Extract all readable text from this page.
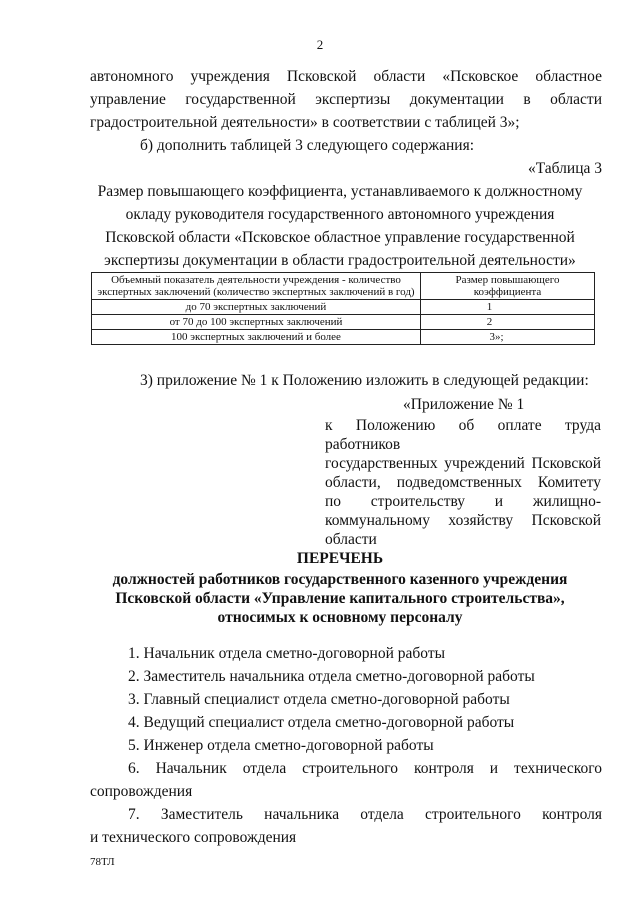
2
автономного учреждения Псковской области «Псковское областное
управление государственной экспертизы документации в области
градостроительной деятельности» в соответствии с таблицей 3»;
б) дополнить таблицей 3 следующего содержания:
«Таблица 3
Размер повышающего коэффициента, устанавливаемого к должностному
окладу руководителя государственного автономного учреждения
Псковской области «Псковское областное управление государственной
экспертизы документации в области градостроительной деятельности»
Объемный показатель деятельности учреждения - количество экспертных заключений (количество экспертных заключений в год)	Размер повышающего коэффициента
до 70 экспертных заключений	1
от 70 до 100 экспертных заключений	2
100 экспертных заключений и более	3»;
3) приложение № 1 к Положению изложить в следующей редакции:
«Приложение № 1
к Положению об оплате труда работников
государственных учреждений Псковской
области, подведомственных Комитету
по строительству и жилищно-
коммунальному хозяйству Псковской
области
ПЕРЕЧЕНЬ
должностей работников государственного казенного учреждения
Псковской области «Управление капитального строительства»,
относимых к основному персоналу
1. Начальник отдела сметно-договорной работы
2. Заместитель начальника отдела сметно-договорной работы
3. Главный специалист отдела сметно-договорной работы
4. Ведущий специалист отдела сметно-договорной работы
5. Инженер отдела сметно-договорной работы
6. Начальник отдела строительного контроля и технического
сопровождения
7. Заместитель начальника отдела строительного контроля
и технического сопровождения
78ТЛ
